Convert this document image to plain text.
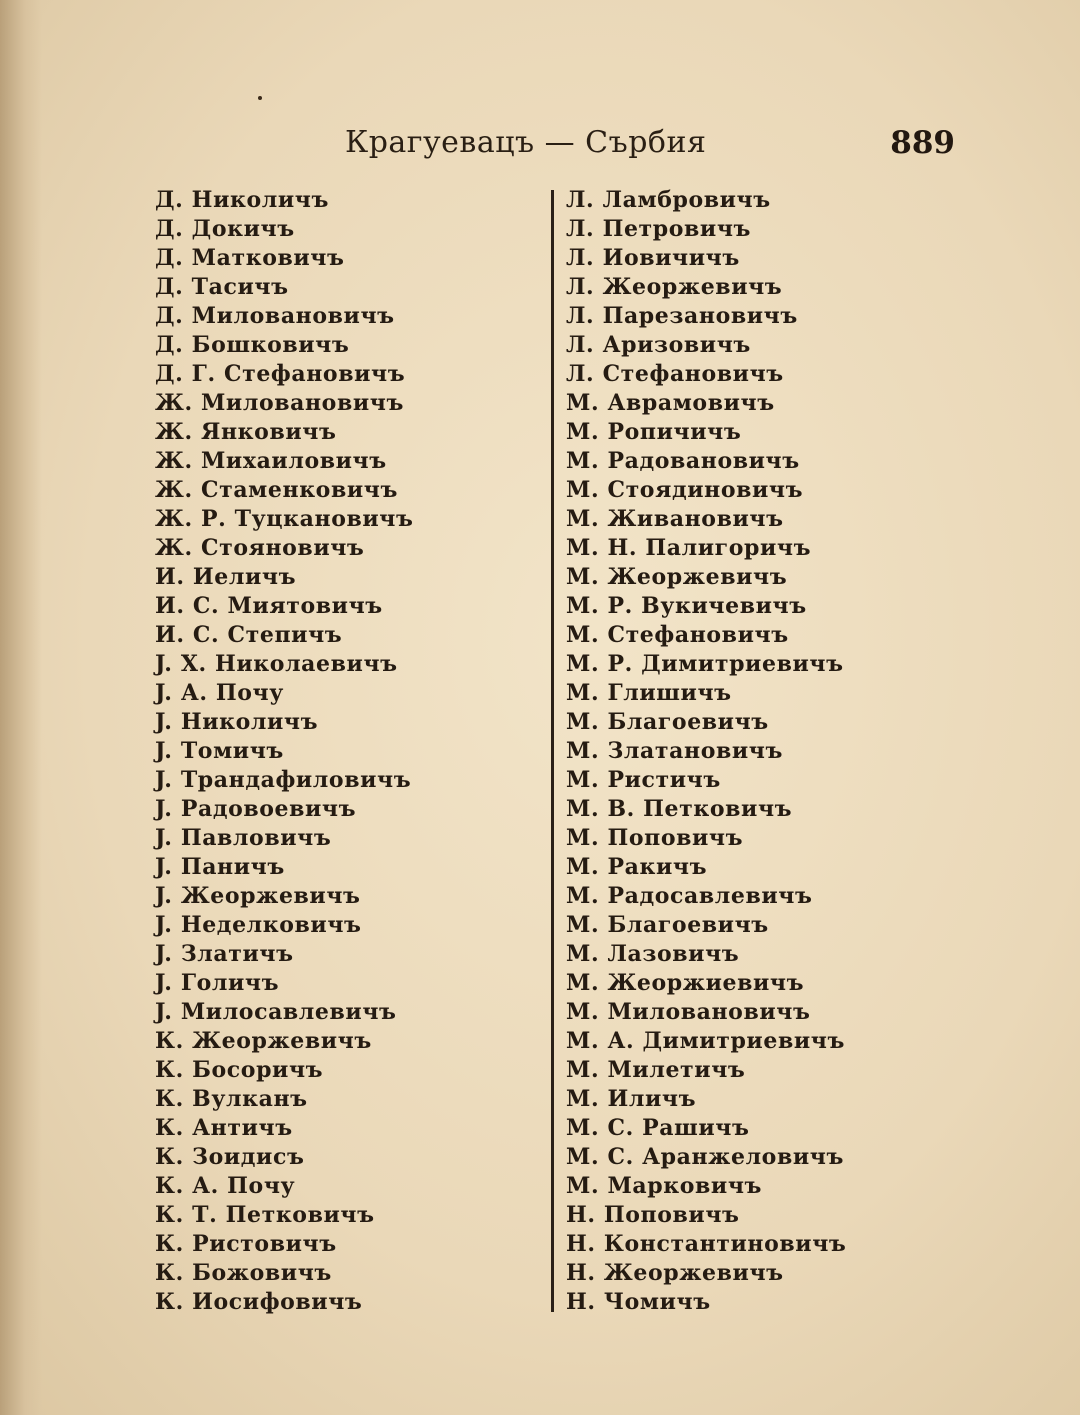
Крагуевацъ — Сърбия	889
Д. Николичъ
Д. Докичъ
Д. Матковичъ
Д. Тасичъ
Д. Миловановичъ
Д. Бошковичъ
Д. Г. Стефановичъ
Ж. Миловановичъ
Ж. Янковичъ
Ж. Михаиловичъ
Ж. Стаменковичъ
Ж. Р. Туцкановичъ
Ж. Стояновичъ
И. Иеличъ
И. С. Миятовичъ
И. С. Степичъ
J. Х. Николаевичъ
J. А. Почу
J. Николичъ
J. Томичъ
J. Трандафиловичъ
J. Радовоевичъ
J. Павловичъ
J. Паничъ
J. Жеоржевичъ
J. Неделковичъ
J. Златичъ
J. Голичъ
J. Милосавлевичъ
К. Жеоржевичъ
К. Босоричъ
К. Вулканъ
К. Античъ
К. Зоидисъ
К. А. Почу
К. Т. Петковичъ
К. Ристовичъ
К. Божовичъ
К. Иосифовичъ
Л. Ламбровичъ
Л. Петровичъ
Л. Иовичичъ
Л. Жеоржевичъ
Л. Парезановичъ
Л. Аризовичъ
Л. Стефановичъ
М. Аврамовичъ
М. Ропичичъ
М. Радовановичъ
М. Стоядиновичъ
М. Живановичъ
М. Н. Палигоричъ
М. Жеоржевичъ
М. Р. Вукичевичъ
М. Стефановичъ
М. Р. Димитриевичъ
М. Глишичъ
М. Благоевичъ
М. Златановичъ
М. Ристичъ
М. В. Петковичъ
М. Поповичъ
М. Ракичъ
М. Радосавлевичъ
М. Благоевичъ
М. Лазовичъ
М. Жеоржиевичъ
М. Миловановичъ
М. А. Димитриевичъ
М. Милетичъ
М. Иличъ
М. С. Рашичъ
М. С. Аранжеловичъ
М. Марковичъ
Н. Поповичъ
Н. Константиновичъ
Н. Жеоржевичъ
Н. Чомичъ
